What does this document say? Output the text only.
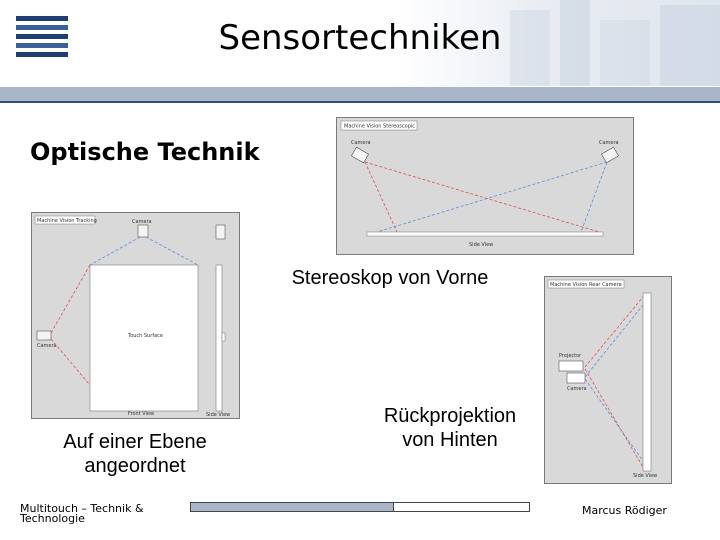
Sensortechniken
Optische Technik
Machine Vision Stereoscopic
Camera	Camera
Side View
Stereoskop von Vorne
Machine Vision Tracking	Camera
Camera
Touch Surface
Front View	Side View
Auf einer Ebene
angeordnet
Machine Vision Rear Camera
Projector
Camera
Side View
Rückprojektion
von Hinten
Multitouch – Technik &
Technologie
Marcus Rödiger
